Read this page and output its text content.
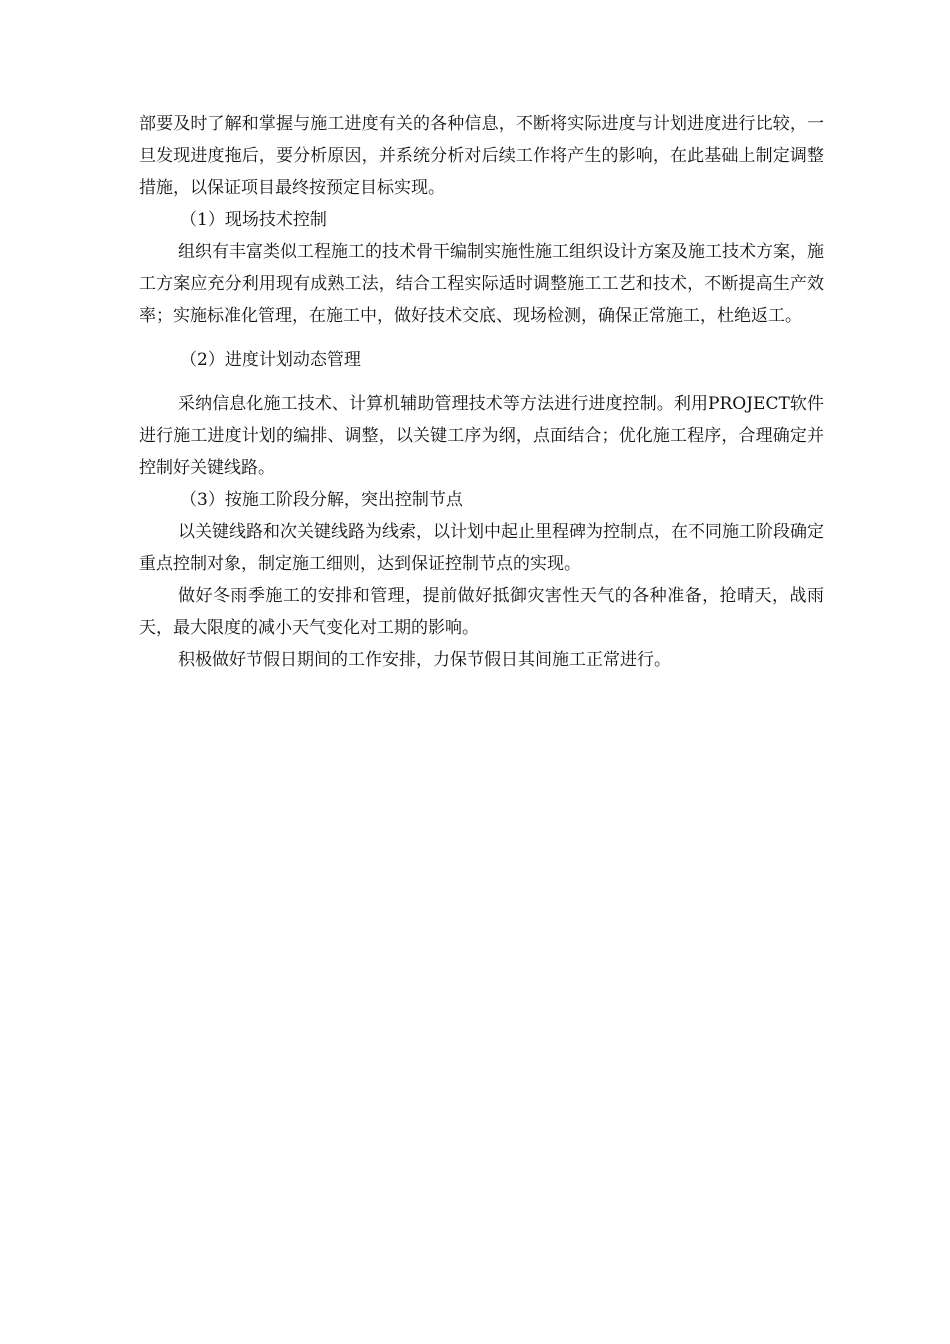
部要及时了解和掌握与施工进度有关的各种信息，不断将实际进度与计划进度进行比较，一旦发现进度拖后，要分析原因，并系统分析对后续工作将产生的影响，在此基础上制定调整措施，以保证项目最终按预定目标实现。

（1）现场技术控制

组织有丰富类似工程施工的技术骨干编制实施性施工组织设计方案及施工技术方案，施工方案应充分利用现有成熟工法，结合工程实际适时调整施工工艺和技术，不断提高生产效率；实施标准化管理，在施工中，做好技术交底、现场检测，确保正常施工，杜绝返工。

（2）进度计划动态管理

采纳信息化施工技术、计算机辅助管理技术等方法进行进度控制。利用PROJECT软件进行施工进度计划的编排、调整，以关键工序为纲，点面结合；优化施工程序，合理确定并控制好关键线路。

（3）按施工阶段分解，突出控制节点

以关键线路和次关键线路为线索，以计划中起止里程碑为控制点，在不同施工阶段确定重点控制对象，制定施工细则，达到保证控制节点的实现。

做好冬雨季施工的安排和管理，提前做好抵御灾害性天气的各种准备，抢晴天，战雨天，最大限度的减小天气变化对工期的影响。

积极做好节假日期间的工作安排，力保节假日其间施工正常进行。
